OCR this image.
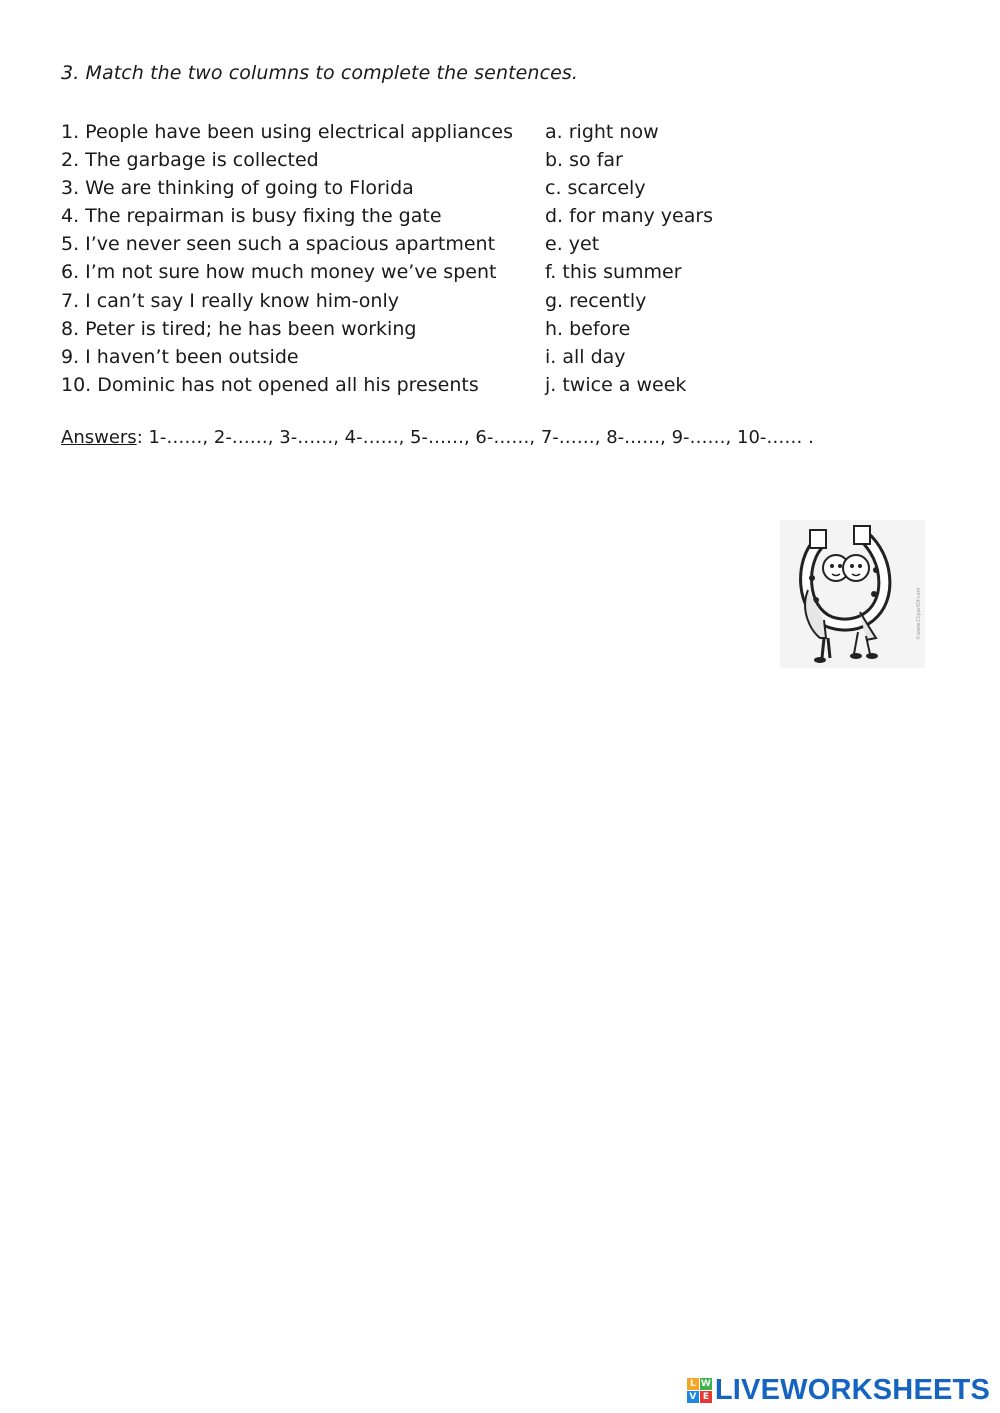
3. Match the two columns to complete the sentences.
1. People have been using electrical appliances
2. The garbage is collected
3. We are thinking of going to Florida
4. The repairman is busy fixing the gate
5. I’ve never seen such a spacious apartment
6. I’m not sure how much money we’ve spent
7. I can’t say I really know him-only
8. Peter is tired; he has been working
9. I haven’t been outside
10. Dominic has not opened all his presents
a. right now
b. so far
c. scarcely
d. for many years
e. yet
f. this summer
g. recently
h. before
i. all day
j. twice a week
Answers: 1-……, 2-……, 3-……, 4-……, 5-……, 6-……, 7-……, 8-……, 9-……, 10-…… .
©www.ClipartOf.com
L W
V E LIVEWORKSHEETS
